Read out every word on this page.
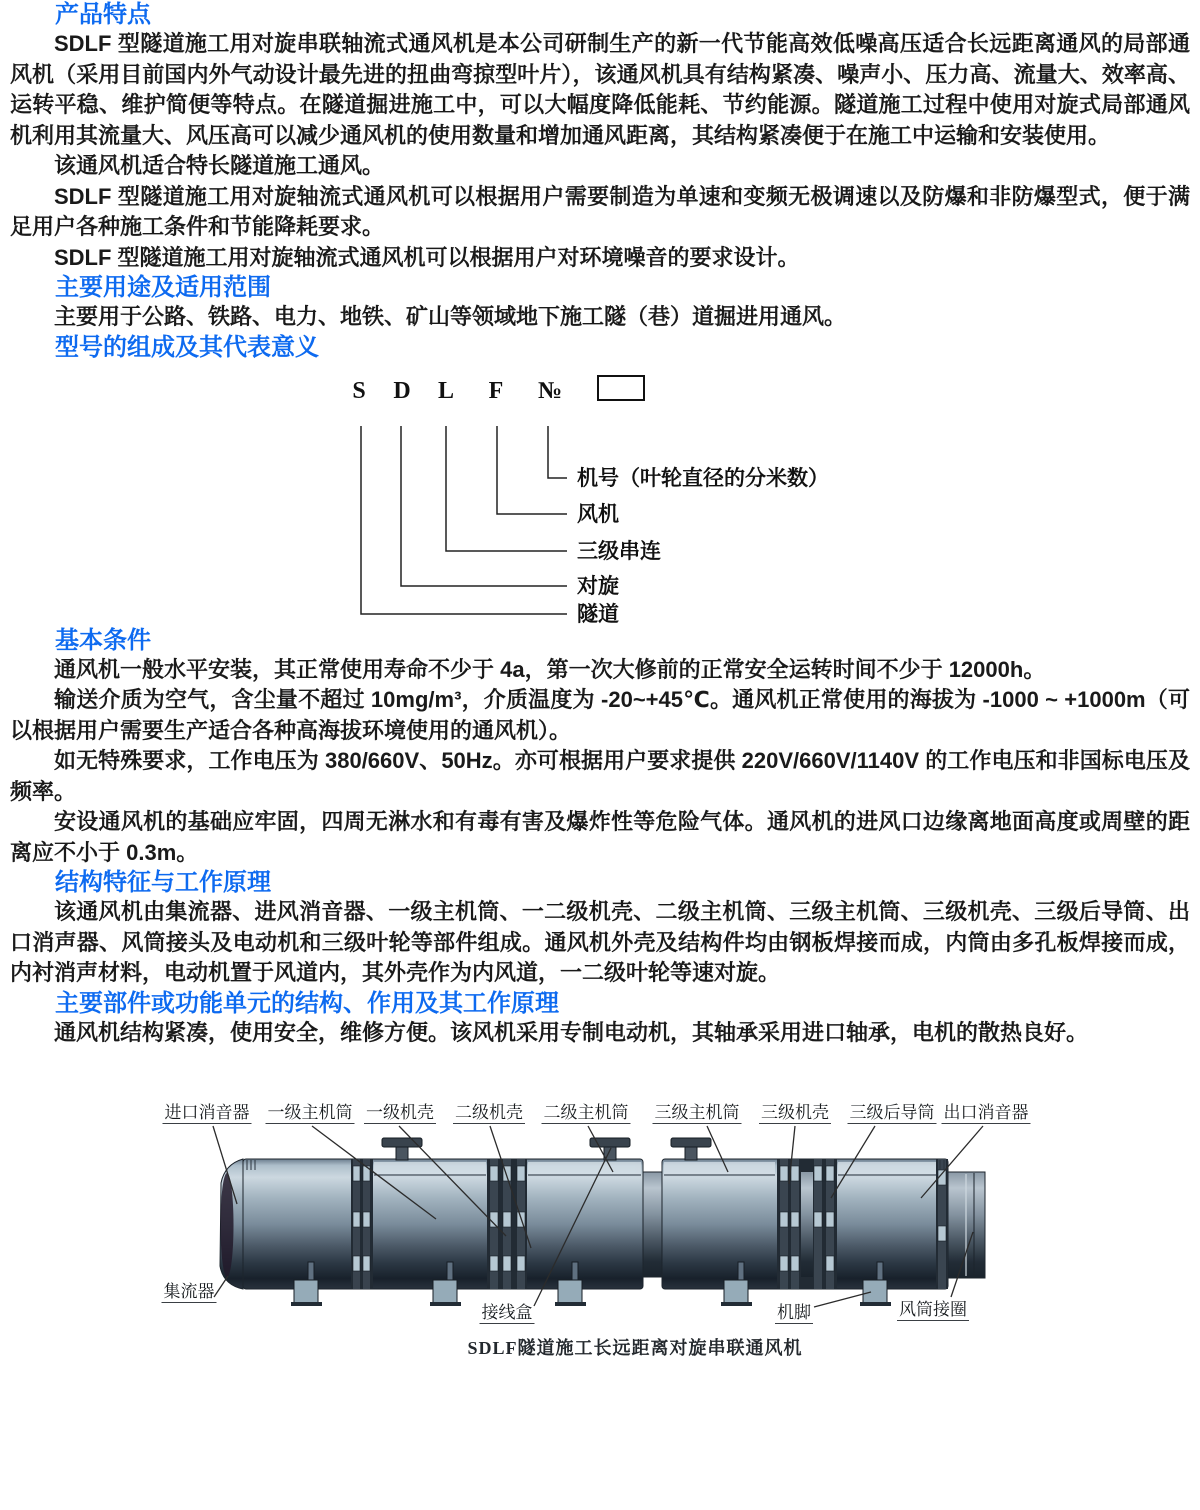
产品特点

SDLF 型隧道施工用对旋串联轴流式通风机是本公司研制生产的新一代节能高效低噪高压适合长远距离通风的局部通风机（采用目前国内外气动设计最先进的扭曲弯掠型叶片），该通风机具有结构紧凑、噪声小、压力高、流量大、效率高、运转平稳、维护简便等特点。在隧道掘进施工中，可以大幅度降低能耗、节约能源。隧道施工过程中使用对旋式局部通风机利用其流量大、风压高可以减少通风机的使用数量和增加通风距离，其结构紧凑便于在施工中运输和安装使用。

该通风机适合特长隧道施工通风。

SDLF 型隧道施工用对旋轴流式通风机可以根据用户需要制造为单速和变频无极调速以及防爆和非防爆型式，便于满足用户各种施工条件和节能降耗要求。

SDLF 型隧道施工用对旋轴流式通风机可以根据用户对环境噪音的要求设计。

主要用途及适用范围

主要用于公路、铁路、电力、地铁、矿山等领域地下施工隧（巷）道掘进用通风。

型号的组成及其代表意义
S D L F №
机号（叶轮直径的分米数）
风机
三级串连
对旋
隧道
基本条件

通风机一般水平安装，其正常使用寿命不少于 4a，第一次大修前的正常安全运转时间不少于 12000h。

输送介质为空气，含尘量不超过 10mg/m³，介质温度为 -20~+45℃。通风机正常使用的海拔为 -1000 ~ +1000m（可以根据用户需要生产适合各种高海拔环境使用的通风机）。

如无特殊要求，工作电压为 380/660V、50Hz。亦可根据用户要求提供 220V/660V/1140V 的工作电压和非国标电压及频率。

安设通风机的基础应牢固，四周无淋水和有毒有害及爆炸性等危险气体。通风机的进风口边缘离地面高度或周壁的距离应不小于 0.3m。

结构特征与工作原理

该通风机由集流器、进风消音器、一级主机筒、一二级机壳、二级主机筒、三级主机筒、三级机壳、三级后导筒、出口消声器、风筒接头及电动机和三级叶轮等部件组成。通风机外壳及结构件均由钢板焊接而成，内筒由多孔板焊接而成，内衬消声材料，电动机置于风道内，其外壳作为内风道，一二级叶轮等速对旋。

主要部件或功能单元的结构、作用及其工作原理

通风机结构紧凑，使用安全，维修方便。该风机采用专制电动机，其轴承采用进口轴承，电机的散热良好。

进口消音器 一级主机筒 一级机壳 二级机壳 二级主机筒 三级主机筒 三级机壳 三级后导筒 出口消音器
集流器
接线盒	机脚	风筒接圈
SDLF隧道施工长远距离对旋串联通风机
